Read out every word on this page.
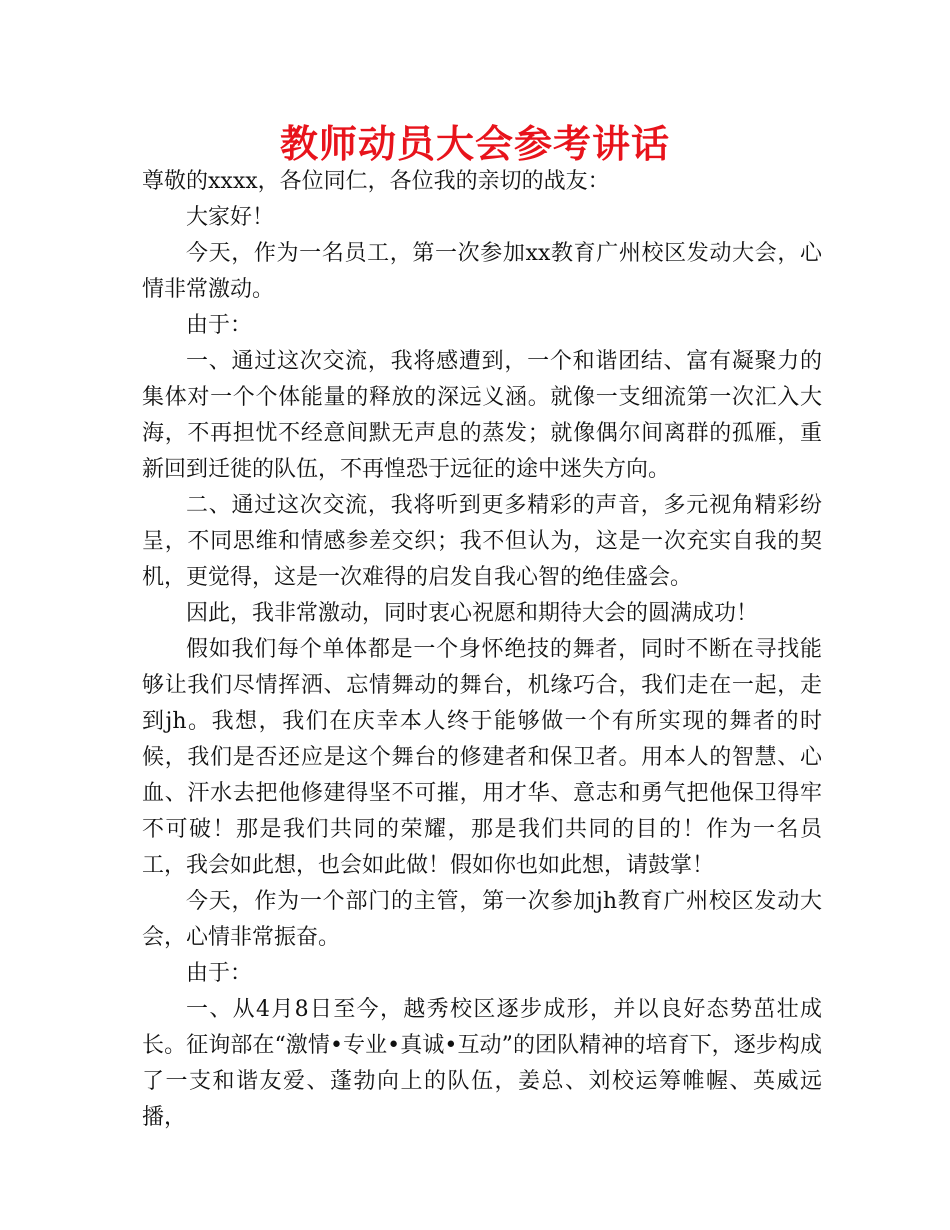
教师动员大会参考讲话

尊敬的xxxx，各位同仁，各位我的亲切的战友：

大家好！

今天，作为一名员工，第一次参加xx教育广州校区发动大会，心情非常激动。

由于：

一、通过这次交流，我将感遭到，一个和谐团结、富有凝聚力的集体对一个个体能量的释放的深远义涵。就像一支细流第一次汇入大海，不再担忧不经意间默无声息的蒸发；就像偶尔间离群的孤雁，重新回到迁徙的队伍，不再惶恐于远征的途中迷失方向。

二、通过这次交流，我将听到更多精彩的声音，多元视角精彩纷呈，不同思维和情感参差交织；我不但认为，这是一次充实自我的契机，更觉得，这是一次难得的启发自我心智的绝佳盛会。

因此，我非常激动，同时衷心祝愿和期待大会的圆满成功！

假如我们每个单体都是一个身怀绝技的舞者，同时不断在寻找能够让我们尽情挥洒、忘情舞动的舞台，机缘巧合，我们走在一起，走到jh。我想，我们在庆幸本人终于能够做一个有所实现的舞者的时候，我们是否还应是这个舞台的修建者和保卫者。用本人的智慧、心血、汗水去把他修建得坚不可摧，用才华、意志和勇气把他保卫得牢不可破！那是我们共同的荣耀，那是我们共同的目的！作为一名员工，我会如此想，也会如此做！假如你也如此想，请鼓掌！

今天，作为一个部门的主管，第一次参加jh教育广州校区发动大会，心情非常振奋。

由于：

一、从4月8日至今，越秀校区逐步成形，并以良好态势茁壮成长。征询部在“激情•专业•真诚•互动”的团队精神的培育下，逐步构成了一支和谐友爱、蓬勃向上的队伍，姜总、刘校运筹帷幄、英威远播，
